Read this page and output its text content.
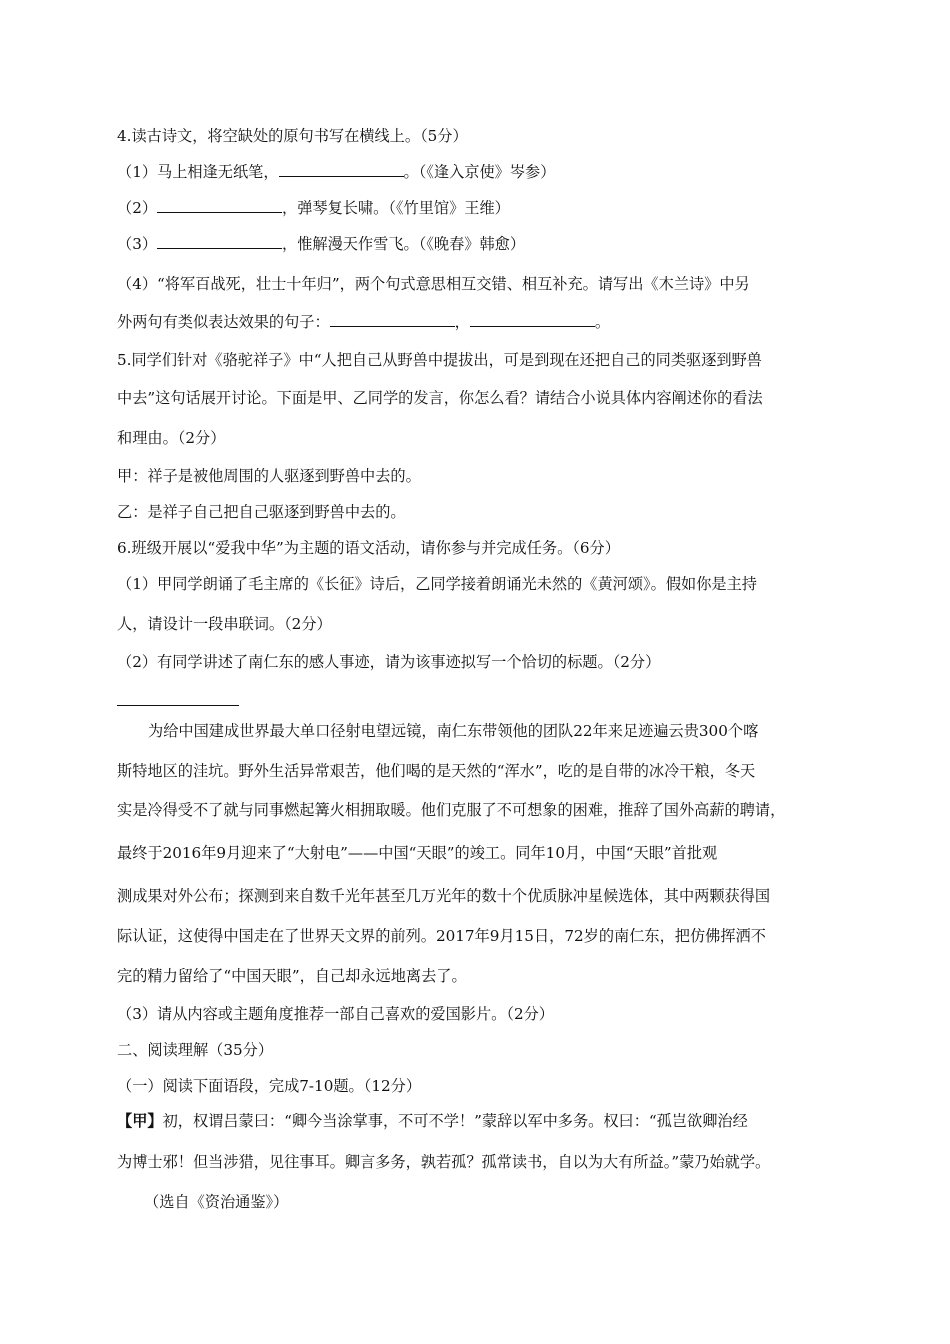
4.读古诗文，将空缺处的原句书写在横线上。（5分）
（1）马上相逢无纸笔，	。（《逢入京使》岑参）
（2）	，弹琴复长啸。（《竹里馆》王维）
（3）	，惟解漫天作雪飞。（《晚春》韩愈）
（4）“将军百战死，壮士十年归”，两个句式意思相互交错、相互补充。请写出《木兰诗》中另
外两句有类似表达效果的句子：	，	。
5.同学们针对《骆驼祥子》中“人把自己从野兽中提拔出，可是到现在还把自己的同类驱逐到野兽
中去”这句话展开讨论。下面是甲、乙同学的发言，你怎么看？请结合小说具体内容阐述你的看法
和理由。（2分）
甲：祥子是被他周围的人驱逐到野兽中去的。
乙：是祥子自己把自己驱逐到野兽中去的。
6.班级开展以“爱我中华”为主题的语文活动，请你参与并完成任务。（6分）
（1）甲同学朗诵了毛主席的《长征》诗后，乙同学接着朗诵光未然的《黄河颂》。假如你是主持
人，请设计一段串联词。（2分）
（2）有同学讲述了南仁东的感人事迹，请为该事迹拟写一个恰切的标题。（2分）
为给中国建成世界最大单口径射电望远镜，南仁东带领他的团队22年来足迹遍云贵300个喀
斯特地区的洼坑。野外生活异常艰苦，他们喝的是天然的“浑水”，吃的是自带的冰冷干粮，冬天
实是冷得受不了就与同事燃起篝火相拥取暖。他们克服了不可想象的困难，推辞了国外高薪的聘请，
最终于2016年9月迎来了“大射电”——中国“天眼”的竣工。同年10月，中国“天眼”首批观
测成果对外公布；探测到来自数千光年甚至几万光年的数十个优质脉冲星候选体，其中两颗获得国
际认证，这使得中国走在了世界天文界的前列。2017年9月15日，72岁的南仁东，把仿佛挥洒不
完的精力留给了“中国天眼”，自己却永远地离去了。
（3）请从内容或主题角度推荐一部自己喜欢的爱国影片。（2分）
二、阅读理解（35分）
（一）阅读下面语段，完成7-10题。（12分）
【甲】初，权谓吕蒙曰：“卿今当涂掌事，不可不学！”蒙辞以军中多务。权曰：“孤岂欲卿治经
为博士邪！但当涉猎，见往事耳。卿言多务，孰若孤？孤常读书，自以为大有所益。”蒙乃始就学。
（选自《资治通鉴》）
